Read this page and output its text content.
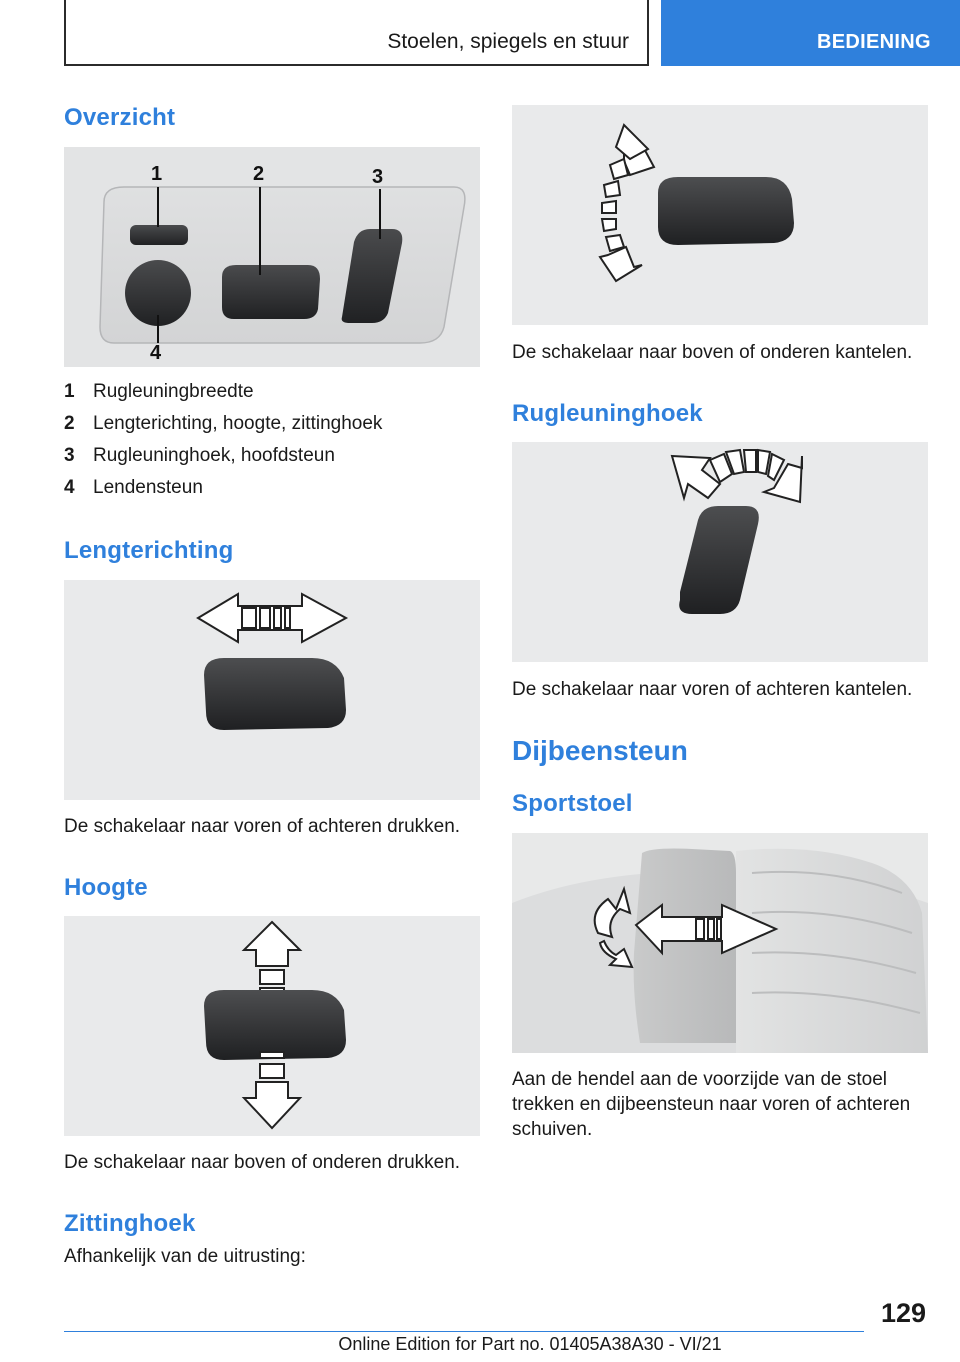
Stoelen, spiegels en stuur	BEDIENING
Overzicht
1	2	3
4
1 Rugleuningbreedte
2 Lengterichting, hoogte, zittinghoek
3 Rugleuninghoek, hoofdsteun
4 Lendensteun
Lengterichting
De schakelaar naar voren of achteren drukken.
Hoogte
De schakelaar naar boven of onderen drukken.
Zittinghoek
Afhankelijk van de uitrusting:
De schakelaar naar boven of onderen kantelen.
Rugleuninghoek
De schakelaar naar voren of achteren kantelen.
Dijbeensteun
Sportstoel
Aan de hendel aan de voorzijde van de stoel
trekken en dijbeensteun naar voren of achteren
schuiven.
129
Online Edition for Part no. 01405A38A30 - VI/21
